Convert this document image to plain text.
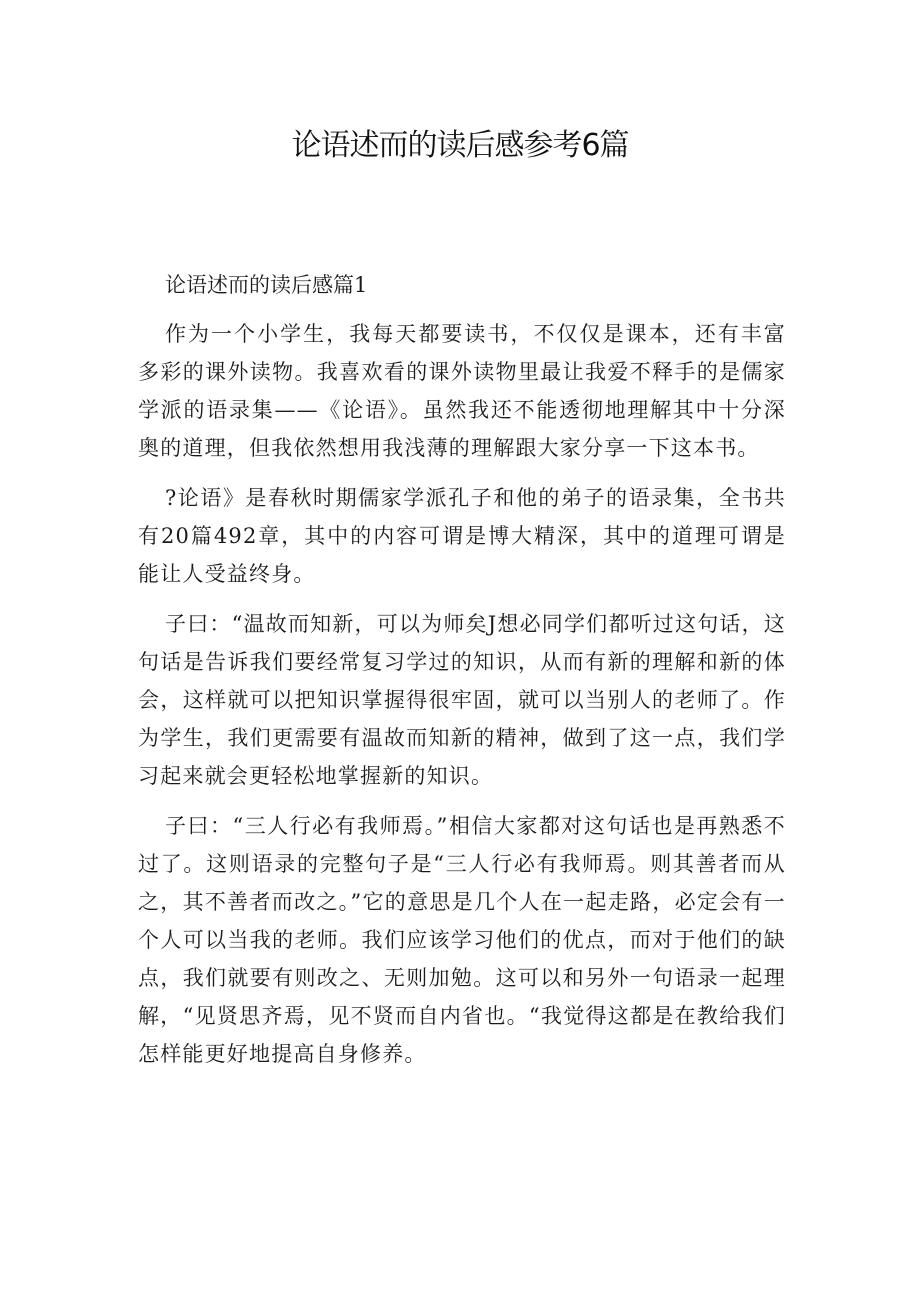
论语述而的读后感参考6篇
论语述而的读后感篇1

作为一个小学生，我每天都要读书，不仅仅是课本，还有丰富多彩的课外读物。我喜欢看的课外读物里最让我爱不释手的是儒家学派的语录集——《论语》。虽然我还不能透彻地理解其中十分深奥的道理，但我依然想用我浅薄的理解跟大家分享一下这本书。

?论语》是春秋时期儒家学派孔子和他的弟子的语录集，全书共有20篇492章，其中的内容可谓是博大精深，其中的道理可谓是能让人受益终身。

子曰：“温故而知新，可以为师矣J想必同学们都听过这句话，这句话是告诉我们要经常复习学过的知识，从而有新的理解和新的体会，这样就可以把知识掌握得很牢固，就可以当别人的老师了。作为学生，我们更需要有温故而知新的精神，做到了这一点，我们学习起来就会更轻松地掌握新的知识。

子曰：“三人行必有我师焉。”相信大家都对这句话也是再熟悉不过了。这则语录的完整句子是“三人行必有我师焉。则其善者而从之，其不善者而改之。”它的意思是几个人在一起走路，必定会有一个人可以当我的老师。我们应该学习他们的优点，而对于他们的缺点，我们就要有则改之、无则加勉。这可以和另外一句语录一起理解，“见贤思齐焉，见不贤而自内省也。“我觉得这都是在教给我们怎样能更好地提高自身修养。
